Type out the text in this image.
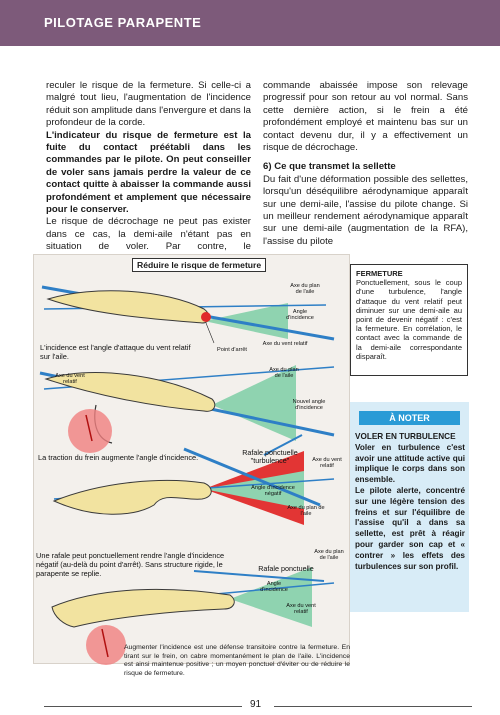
PILOTAGE PARAPENTE

reculer le risque de la fermeture. Si celle-ci a malgré tout lieu, l'augmentation de l'incidence réduit son amplitude dans l'envergure et dans la profondeur de la corde.

L'indicateur du risque de fermeture est la fuite du contact préétabli dans les commandes par le pilote. On peut conseiller de voler sans jamais perdre la valeur de ce contact quitte à abaisser la commande aussi profondément et amplement que nécessaire pour le conserver.

Le risque de décrochage ne peut pas exister dans ce cas, la demi-aile n'étant pas en situation de voler. Par contre, le

commande abaissée impose son relevage progressif pour son retour au vol normal. Sans cette dernière action, si le frein a été profondément employé et maintenu bas sur un contact devenu dur, il y a effectivement un risque de décrochage.

6) Ce que transmet la sellette

Du fait d'une déformation possible des sellettes, lorsqu'un déséquilibre aérodynamique apparaît sur une demi-aile, l'assise du pilote change. Si un meilleur rendement aérodynamique apparaît sur une demi-aile (augmentation de la RFA), l'assise du pilote

Axe du plan de l'aile
Angle d'incidence
Point d'arrêt
Axe du vent relatif
L'incidence est l'angle d'attaque du vent relatif sur l'aile.
Axe du vent relatif
Axe du plan de l'aile
Nouvel angle d'incidence
La traction du frein augmente l'angle d'incidence.
Rafale ponctuelle "turbulence"	Axe du vent relatif
Angle d'incidence négatif
Axe du plan de l'aile
Une rafale peut ponctuellement rendre l'angle d'incidence négatif (au-delà du point d'arrêt). Sans structure rigide, le parapente se replie.
Rafale ponctuelle
Axe du plan de l'aile
Angle d'incidence
Axe du vent relatif
Réduire le risque de fermeture
FERMETURE
Ponctuellement, sous le coup d'une turbulence, l'angle d'attaque du vent relatif peut diminuer sur une demi-aile au point de devenir négatif : c'est la fermeture. En corrélation, le contact avec la commande de la demi-aile correspondante disparaît.
À NOTER
VOLER EN TURBULENCE
Voler en turbulence c'est avoir une attitude active qui implique le corps dans son ensemble.
Le pilote alerte, concentré sur une légère tension des freins et sur l'équilibre de l'assise qu'il a dans sa sellette, est prêt à réagir pour garder son cap et « contrer » les effets des turbulences sur son profil.
Augmenter l'incidence est une défense transitoire contre la fermeture. En tirant sur le frein, on cabre momentanément le plan de l'aile. L'incidence est ainsi maintenue positive ; un moyen ponctuel d'éviter ou de réduire le risque de fermeture.
91
